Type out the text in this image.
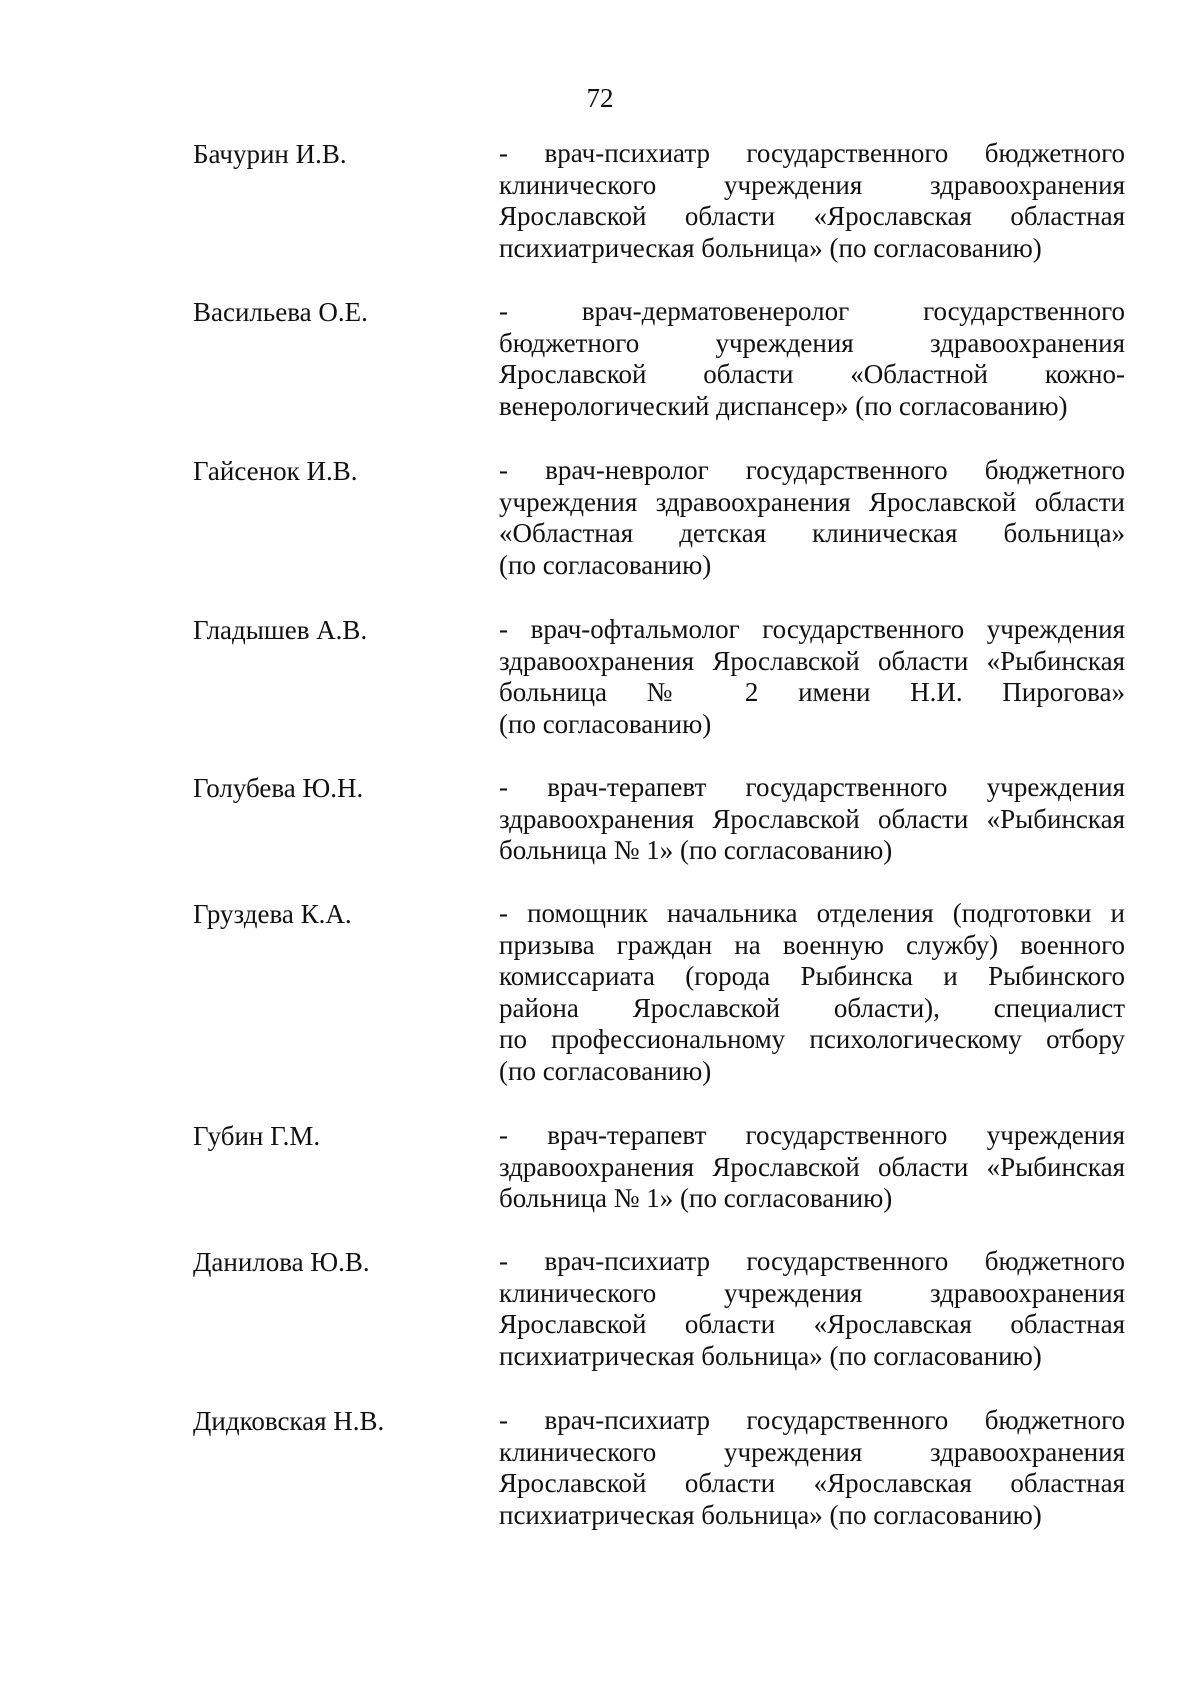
72
Бачурин И.В.	- врач-психиатр государственного бюджетного
клинического учреждения здравоохранения
Ярославской области «Ярославская областная
психиатрическая больница» (по согласованию)
Васильева О.Е.	- врач-дерматовенеролог государственного
бюджетного учреждения здравоохранения
Ярославской области «Областной кожно-
венерологический диспансер» (по согласованию)
Гайсенок И.В.	- врач-невролог государственного бюджетного
учреждения здравоохранения Ярославской области
«Областная детская клиническая больница»
(по согласованию)
Гладышев А.В.	- врач-офтальмолог государственного учреждения
здравоохранения Ярославской области «Рыбинская
больница № 2 имени Н.И. Пирогова»
(по согласованию)
Голубева Ю.Н.	- врач-терапевт государственного учреждения
здравоохранения Ярославской области «Рыбинская
больница № 1» (по согласованию)
Груздева К.А.	- помощник начальника отделения (подготовки и
призыва граждан на военную службу) военного
комиссариата (города Рыбинска и Рыбинского
района Ярославской области), специалист
по профессиональному психологическому отбору
(по согласованию)
Губин Г.М.	- врач-терапевт государственного учреждения
здравоохранения Ярославской области «Рыбинская
больница № 1» (по согласованию)
Данилова Ю.В.	- врач-психиатр государственного бюджетного
клинического учреждения здравоохранения
Ярославской области «Ярославская областная
психиатрическая больница» (по согласованию)
Дидковская Н.В.	- врач-психиатр государственного бюджетного
клинического учреждения здравоохранения
Ярославской области «Ярославская областная
психиатрическая больница» (по согласованию)
